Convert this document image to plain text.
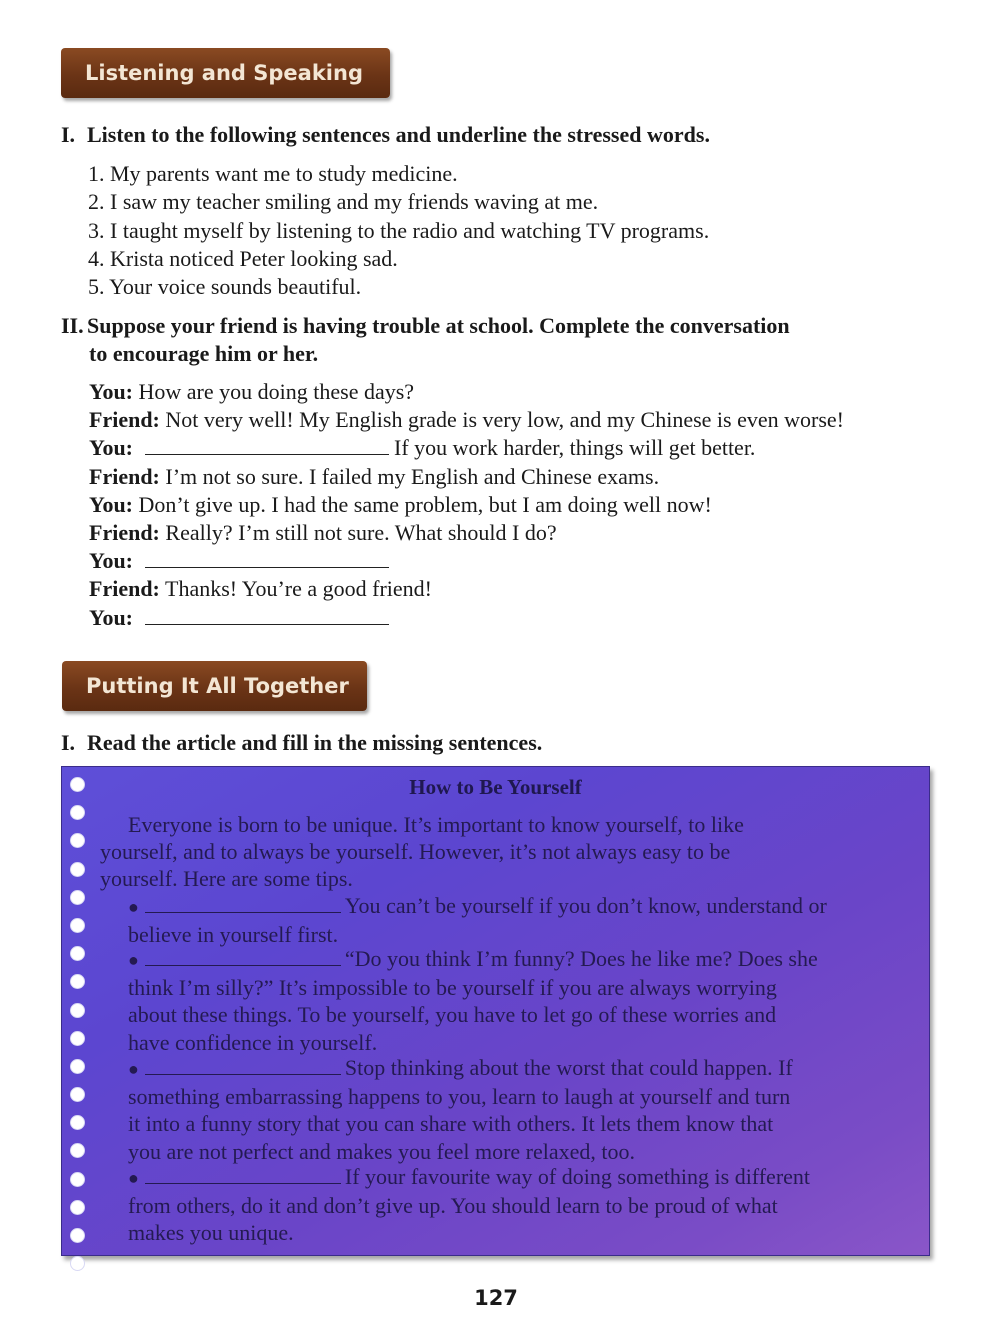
Listening and Speaking
I. Listen to the following sentences and underline the stressed words.
1. My parents want me to study medicine.
2. I saw my teacher smiling and my friends waving at me.
3. I taught myself by listening to the radio and watching TV programs.
4. Krista noticed Peter looking sad.
5. Your voice sounds beautiful.
II. Suppose your friend is having trouble at school. Complete the conversation
to encourage him or her.
You: How are you doing these days?
Friend: Not very well! My English grade is very low, and my Chinese is even worse!
You:	If you work harder, things will get better.
Friend: I’m not so sure. I failed my English and Chinese exams.
You: Don’t give up. I had the same problem, but I am doing well now!
Friend: Really? I’m still not sure. What should I do?
You:
Friend: Thanks! You’re a good friend!
You:
Putting It All Together
I. Read the article and fill in the missing sentences.
How to Be Yourself
Everyone is born to be unique. It’s important to know yourself, to like
yourself, and to always be yourself. However, it’s not always easy to be
yourself. Here are some tips.
●	You can’t be yourself if you don’t know, understand or
believe in yourself first.
●	“Do you think I’m funny? Does he like me? Does she
think I’m silly?” It’s impossible to be yourself if you are always worrying
about these things. To be yourself, you have to let go of these worries and
have confidence in yourself.
●	Stop thinking about the worst that could happen. If
something embarrassing happens to you, learn to laugh at yourself and turn
it into a funny story that you can share with others. It lets them know that
you are not perfect and makes you feel more relaxed, too.
●	If your favourite way of doing something is different
from others, do it and don’t give up. You should learn to be proud of what
makes you unique.
127
